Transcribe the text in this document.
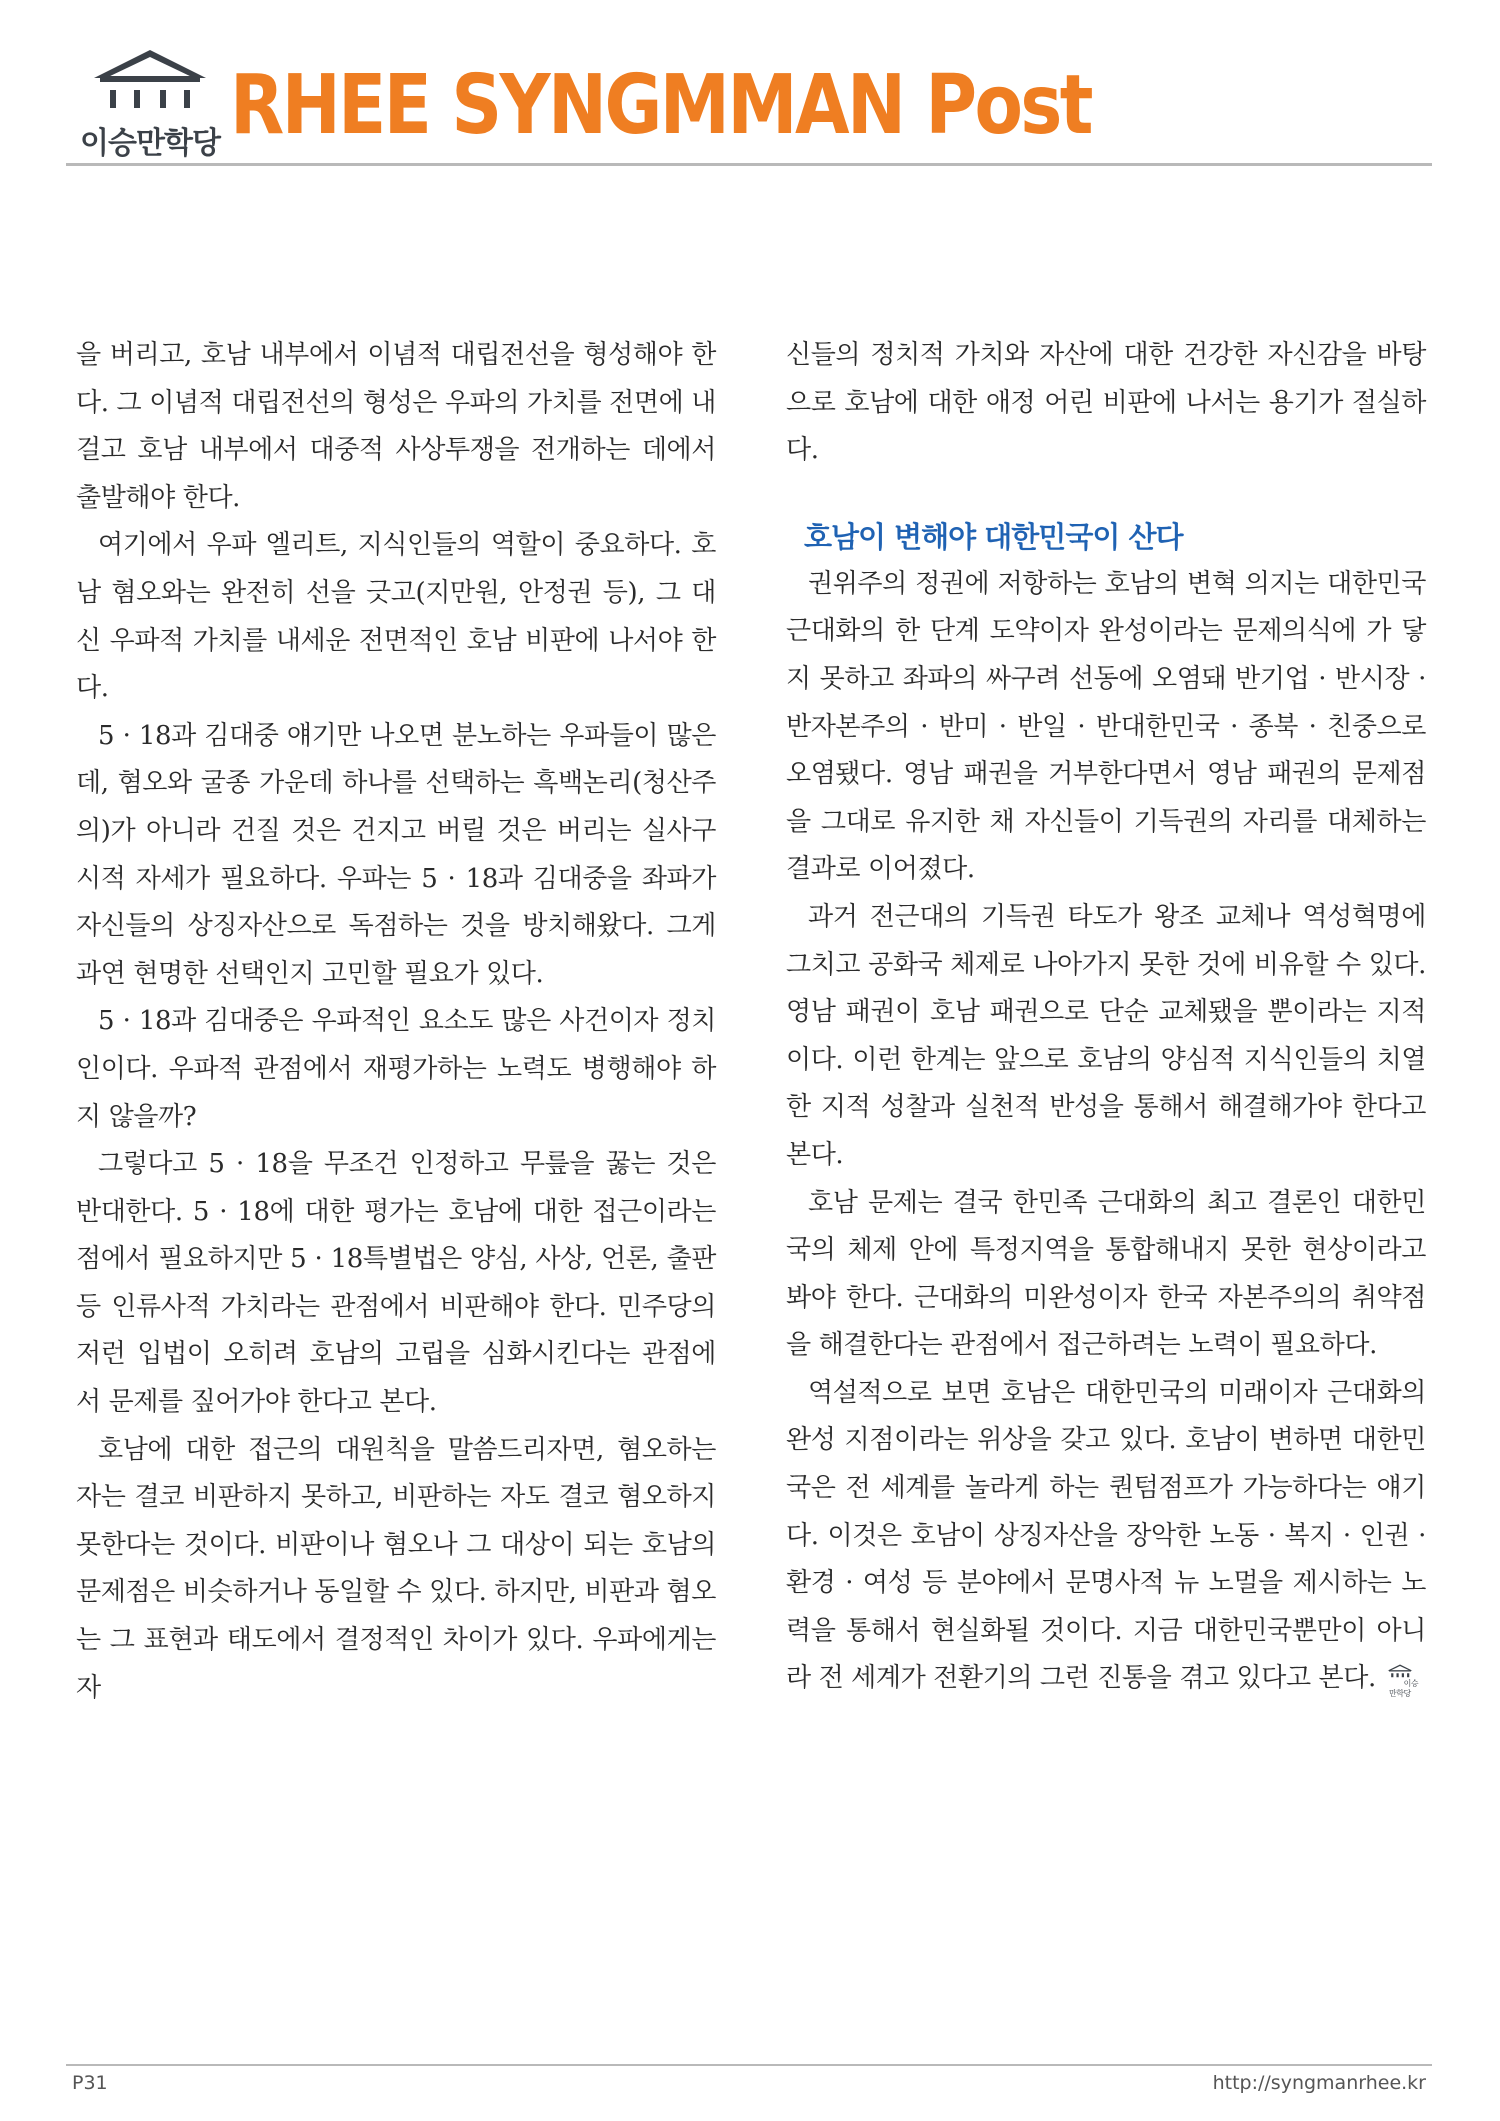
이승만학당 RHEE SYNGMMAN Post

을 버리고, 호남 내부에서 이념적 대립전선을 형성해야 한다. 그 이념적 대립전선의 형성은 우파의 가치를 전면에 내걸고 호남 내부에서 대중적 사상투쟁을 전개하는 데에서 출발해야 한다.

여기에서 우파 엘리트, 지식인들의 역할이 중요하다. 호남 혐오와는 완전히 선을 긋고(지만원, 안정권 등), 그 대신 우파적 가치를 내세운 전면적인 호남 비판에 나서야 한다.

5 · 18과 김대중 얘기만 나오면 분노하는 우파들이 많은데, 혐오와 굴종 가운데 하나를 선택하는 흑백논리(청산주의)가 아니라 건질 것은 건지고 버릴 것은 버리는 실사구시적 자세가 필요하다. 우파는 5 · 18과 김대중을 좌파가 자신들의 상징자산으로 독점하는 것을 방치해왔다. 그게 과연 현명한 선택인지 고민할 필요가 있다.

5 · 18과 김대중은 우파적인 요소도 많은 사건이자 정치인이다. 우파적 관점에서 재평가하는 노력도 병행해야 하지 않을까?

그렇다고 5 · 18을 무조건 인정하고 무릎을 꿇는 것은 반대한다. 5 · 18에 대한 평가는 호남에 대한 접근이라는 점에서 필요하지만 5 · 18특별법은 양심, 사상, 언론, 출판 등 인류사적 가치라는 관점에서 비판해야 한다. 민주당의 저런 입법이 오히려 호남의 고립을 심화시킨다는 관점에서 문제를 짚어가야 한다고 본다.

호남에 대한 접근의 대원칙을 말씀드리자면, 혐오하는 자는 결코 비판하지 못하고, 비판하는 자도 결코 혐오하지 못한다는 것이다. 비판이나 혐오나 그 대상이 되는 호남의 문제점은 비슷하거나 동일할 수 있다. 하지만, 비판과 혐오는 그 표현과 태도에서 결정적인 차이가 있다. 우파에게는 자

신들의 정치적 가치와 자산에 대한 건강한 자신감을 바탕으로 호남에 대한 애정 어린 비판에 나서는 용기가 절실하다.

호남이 변해야 대한민국이 산다

권위주의 정권에 저항하는 호남의 변혁 의지는 대한민국 근대화의 한 단계 도약이자 완성이라는 문제의식에 가 닿지 못하고 좌파의 싸구려 선동에 오염돼 반기업 · 반시장 · 반자본주의 · 반미 · 반일 · 반대한민국 · 종북 · 친중으로 오염됐다. 영남 패권을 거부한다면서 영남 패권의 문제점을 그대로 유지한 채 자신들이 기득권의 자리를 대체하는 결과로 이어졌다.

과거 전근대의 기득권 타도가 왕조 교체나 역성혁명에 그치고 공화국 체제로 나아가지 못한 것에 비유할 수 있다. 영남 패권이 호남 패권으로 단순 교체됐을 뿐이라는 지적이다. 이런 한계는 앞으로 호남의 양심적 지식인들의 치열한 지적 성찰과 실천적 반성을 통해서 해결해가야 한다고 본다.

호남 문제는 결국 한민족 근대화의 최고 결론인 대한민국의 체제 안에 특정지역을 통합해내지 못한 현상이라고 봐야 한다. 근대화의 미완성이자 한국 자본주의의 취약점을 해결한다는 관점에서 접근하려는 노력이 필요하다.

역설적으로 보면 호남은 대한민국의 미래이자 근대화의 완성 지점이라는 위상을 갖고 있다. 호남이 변하면 대한민국은 전 세계를 놀라게 하는 퀀텀점프가 가능하다는 얘기다. 이것은 호남이 상징자산을 장악한 노동 · 복지 · 인권 · 환경 · 여성 등 분야에서 문명사적 뉴 노멀을 제시하는 노력을 통해서 현실화될 것이다. 지금 대한민국뿐만이 아니라 전 세계가 전환기의 그런 진통을 겪고 있다고 본다.	이승만학당

P31	http://syngmanrhee.kr
